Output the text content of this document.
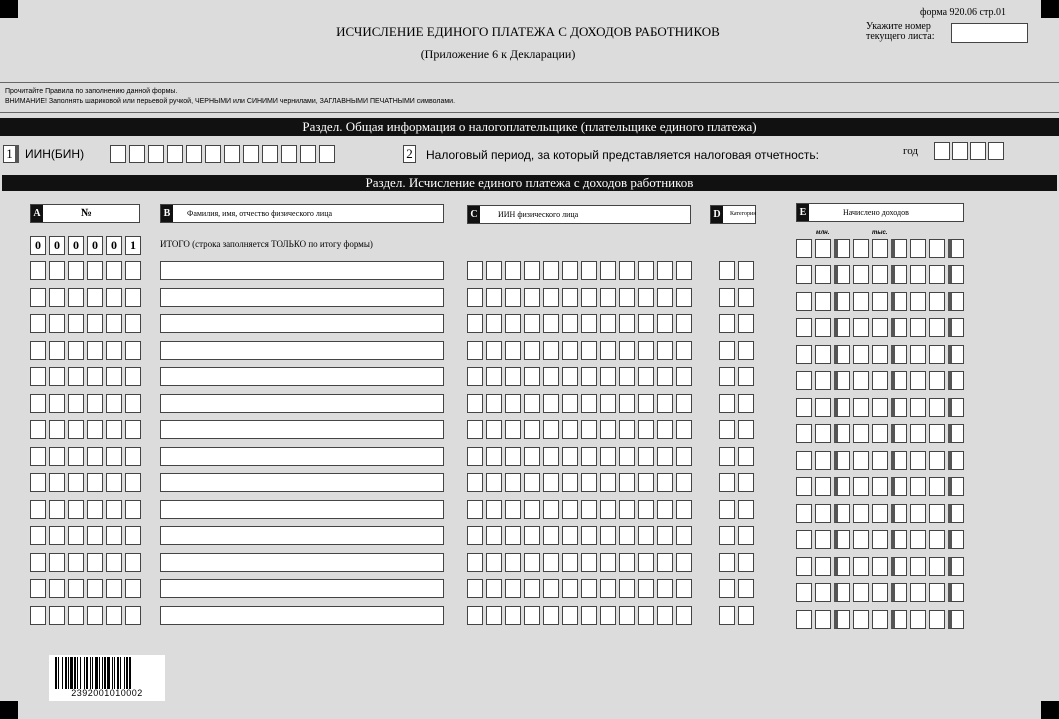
ИСЧИСЛЕНИЕ ЕДИНОГО ПЛАТЕЖА С ДОХОДОВ РАБОТНИКОВ
(Приложение 6 к Декларации)
форма 920.06 стр.01
Укажите номер
текущего листа:
Прочитайте Правила по заполнению данной формы.
ВНИМАНИЕ! Заполнять шариковой или перьевой ручкой, ЧЕРНЫМИ или СИНИМИ чернилами, ЗАГЛАВНЫМИ ПЕЧАТНЫМИ символами.
Раздел. Общая информация о налогоплательщике (плательщике единого платежа)
1 ИИН(БИН)	2 Налоговый период, за который представляется налоговая отчетность:	год
Раздел. Исчисление единого платежа с доходов работников
A	№	B	Фамилия, имя, отчество физического лица	C	ИИН физического лица	D	Категория	E	Начислено доходов
млн.	тыс.
0	0	0	0	0	1	ИТОГО (строка заполняется ТОЛЬКО по итогу формы)
2392001010002
